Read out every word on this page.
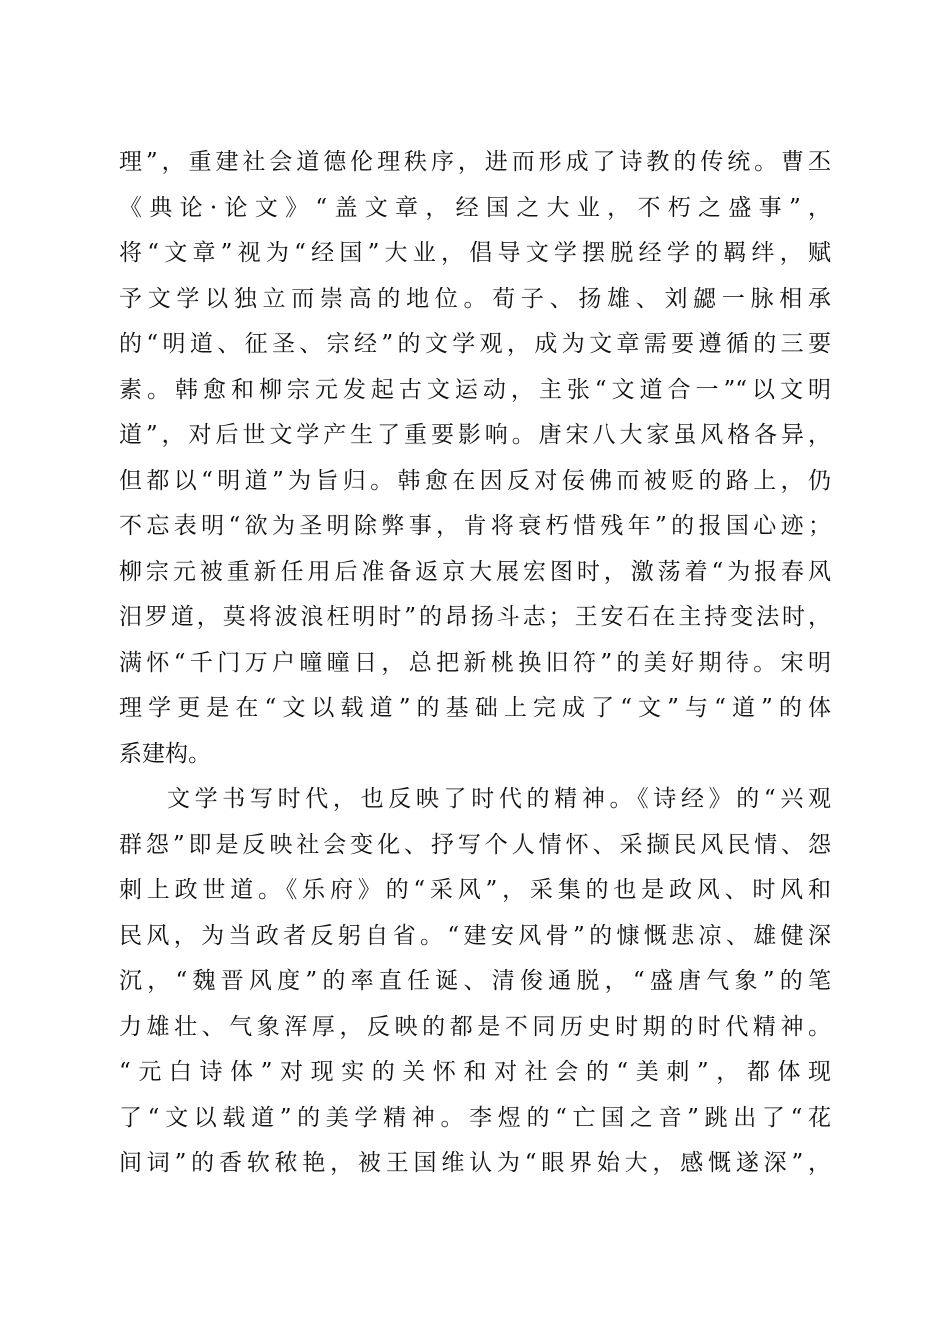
理”，重建社会道德伦理秩序，进而形成了诗教的传统。曹丕
《典论·论文》“盖文章，经国之大业，不朽之盛事”，
将“文章”视为“经国”大业，倡导文学摆脱经学的羁绊，赋
予文学以独立而崇高的地位。荀子、扬雄、刘勰一脉相承
的“明道、征圣、宗经”的文学观，成为文章需要遵循的三要
素。韩愈和柳宗元发起古文运动，主张“文道合一”“以文明
道”，对后世文学产生了重要影响。唐宋八大家虽风格各异，
但都以“明道”为旨归。韩愈在因反对佞佛而被贬的路上，仍
不忘表明“欲为圣明除弊事，肯将衰朽惜残年”的报国心迹；
柳宗元被重新任用后准备返京大展宏图时，激荡着“为报春风
汨罗道，莫将波浪枉明时”的昂扬斗志；王安石在主持变法时，
满怀“千门万户曈曈日，总把新桃换旧符”的美好期待。宋明
理学更是在“文以载道”的基础上完成了“文”与“道”的体
系建构。
文学书写时代，也反映了时代的精神。《诗经》的“兴观
群怨”即是反映社会变化、抒写个人情怀、采撷民风民情、怨
刺上政世道。《乐府》的“采风”，采集的也是政风、时风和
民风，为当政者反躬自省。“建安风骨”的慷慨悲凉、雄健深
沉，“魏晋风度”的率直任诞、清俊通脱，“盛唐气象”的笔
力雄壮、气象浑厚，反映的都是不同历史时期的时代精神。
“元白诗体”对现实的关怀和对社会的“美刺”，都体现
了“文以载道”的美学精神。李煜的“亡国之音”跳出了“花
间词”的香软秾艳，被王国维认为“眼界始大，感慨遂深”，
